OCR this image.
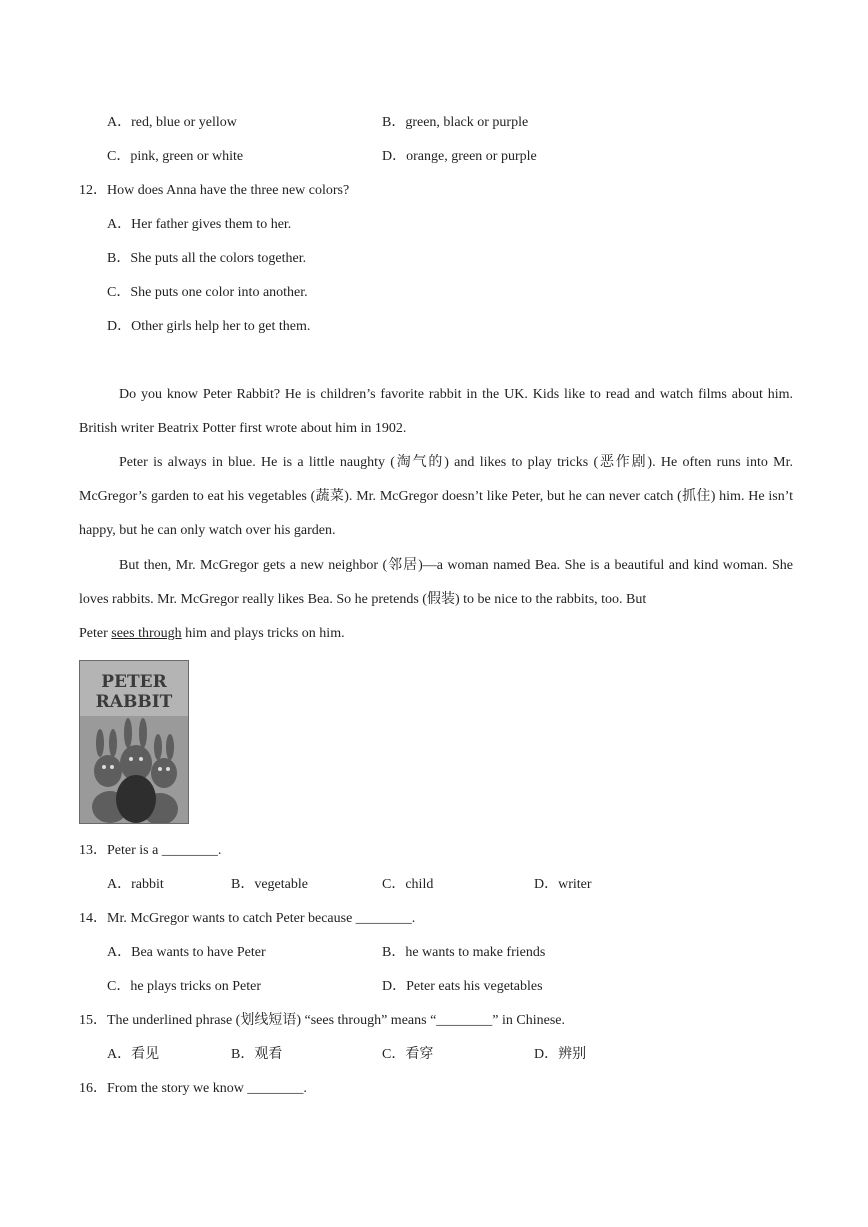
A．red, blue or yellow	B．green, black or purple
C．pink, green or white	D．orange, green or purple
12．How does Anna have the three new colors?
A．Her father gives them to her.
B．She puts all the colors together.
C．She puts one color into another.
D．Other girls help her to get them.
Do you know Peter Rabbit? He is children’s favorite rabbit in the UK. Kids like to read and watch films about him. British writer Beatrix Potter first wrote about him in 1902.
Peter is always in blue. He is a little naughty (淘气的) and likes to play tricks (恶作剧). He often runs into Mr. McGregor’s garden to eat his vegetables (蔬菜). Mr. McGregor doesn’t like Peter, but he can never catch (抓住) him. He isn’t happy, but he can only watch over his garden.
But then, Mr. McGregor gets a new neighbor (邻居)—a woman named Bea. She is a beautiful and kind woman. She loves rabbits. Mr. McGregor really likes Bea. So he pretends (假装) to be nice to the rabbits, too. But
Peter sees through him and plays tricks on him.
PETER
RABBIT
13．Peter is a ________.
A．rabbit	B．vegetable	C．child	D．writer
14．Mr. McGregor wants to catch Peter because ________.
A．Bea wants to have Peter	B．he wants to make friends
C．he plays tricks on Peter	D．Peter eats his vegetables
15．The underlined phrase (划线短语) “sees through” means “________” in Chinese.
A．看见	B．观看	C．看穿	D．辨别
16．From the story we know ________.
